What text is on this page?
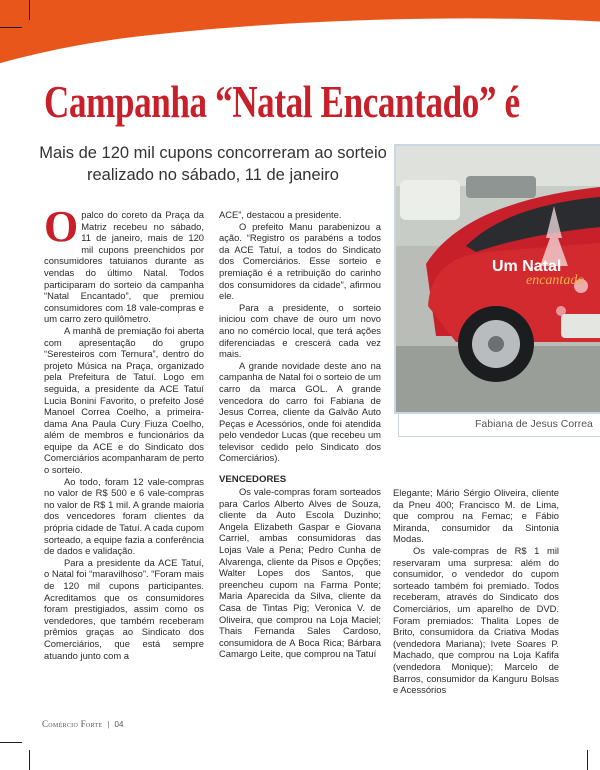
Campanha “Natal Encantado” é

Mais de 120 mil cupons concorreram ao sorteio realizado no sábado, 11 de janeiro

Um Natal
encantado
Fabiana de Jesus Correa

Opalco do coreto da Praça da Matriz recebeu no sábado, 11 de janeiro, mais de 120 mil cupons preenchidos por consumidores tatuianos durante as vendas do último Natal. Todos participaram do sorteio da campanha “Natal Encantado”, que premiou consumidores com 18 vale-compras e um carro zero quilômetro.

A manhã de premiação foi aberta com apresentação do grupo “Seresteiros com Ternura”, dentro do projeto Música na Praça, organizado pela Prefeitura de Tatuí. Logo em seguida, a presidente da ACE Tatuí Lucia Bonini Favorito, o prefeito José Manoel Correa Coelho, a primeira-dama Ana Paula Cury Fiuza Coelho, além de membros e funcionários da equipe da ACE e do Sindicato dos Comerciários acompanharam de perto o sorteio.

Ao todo, foram 12 vale-compras no valor de R$ 500 e 6 vale-compras no valor de R$ 1 mil. A grande maioria dos vencedores foram clientes da própria cidade de Tatuí. A cada cupom sorteado, a equipe fazia a conferência de dados e validação.

Para a presidente da ACE Tatuí, o Natal foi “maravilhoso”. “Foram mais de 120 mil cupons participantes. Acreditamos que os consumidores foram prestigiados, assim como os vendedores, que também receberam prêmios graças ao Sindicato dos Comerciários, que está sempre atuando junto com a

ACE”, destacou a presidente.

O prefeito Manu parabenizou a ação. “Registro os parabéns a todos da ACE Tatuí, a todos do Sindicato dos Comerciários. Esse sorteio e premiação é a retribuição do carinho dos consumidores da cidade”, afirmou ele.

Para a presidente, o sorteio iniciou com chave de ouro um novo ano no comércio local, que terá ações diferenciadas e crescerá cada vez mais.

A grande novidade deste ano na campanha de Natal foi o sorteio de um carro da marca GOL. A grande vencedora do carro foi Fabiana de Jesus Correa, cliente da Galvão Auto Peças e Acessórios, onde foi atendida pelo vendedor Lucas (que recebeu um televisor cedido pelo Sindicato dos Comerciários).

VENCEDORES

Os vale-compras foram sorteados para Carlos Alberto Alves de Souza, cliente da Auto Escola Duzinho; Angela Elizabeth Gaspar e Giovana Carriel, ambas consumidoras das Lojas Vale a Pena; Pedro Cunha de Alvarenga, cliente da Pisos e Opções; Walter Lopes dos Santos, que preencheu cupom na Farma Ponte; Maria Aparecida da Silva, cliente da Casa de Tintas Pig; Veronica V. de Oliveira, que comprou na Loja Maciel; Thais Fernanda Sales Cardoso, consumidora de A Boca Rica; Bárbara Camargo Leite, que comprou na Tatuí

Elegante; Mário Sérgio Oliveira, cliente da Pneu 400; Francisco M. de Lima, que comprou na Femac; e Fábio Miranda, consumidor da Sintonia Modas.

Os vale-compras de R$ 1 mil reservaram uma surpresa: além do consumidor, o vendedor do cupom sorteado também foi premiado. Todos receberam, através do Sindicato dos Comerciários, um aparelho de DVD. Foram premiados: Thalita Lopes de Brito, consumidora da Criativa Modas (vendedora Mariana); Ivete Soares P. Machado, que comprou na Loja Kafifa (vendedora Monique); Marcelo de Barros, consumidor da Kanguru Bolsas e Acessórios

Comércio Forte | 04
